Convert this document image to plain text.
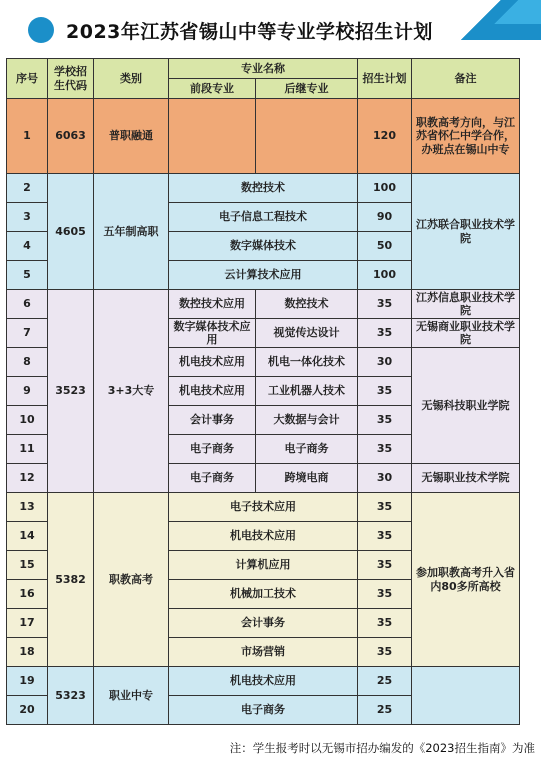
2023年江苏省锡山中等专业学校招生计划
序号	学校招生代码	类别	专业名称		招生计划	备注
			前段专业	后继专业		
1	6063	普职融通			120	职教高考方向，与江苏省怀仁中学合作，办班点在锡山中专
2	4605	五年制高职	数控技术		100	江苏联合职业技术学院
3			电子信息工程技术		90	
4			数字媒体技术		50	
5			云计算技术应用		100	
6	3523	3+3大专	数控技术应用	数控技术	35	江苏信息职业技术学院
7			数字媒体技术应用	视觉传达设计	35	无锡商业职业技术学院
8			机电技术应用	机电一体化技术	30	无锡科技职业学院
9			机电技术应用	工业机器人技术	35	
10			会计事务	大数据与会计	35	
11			电子商务	电子商务	35	
12			电子商务	跨境电商	30	无锡职业技术学院
13	5382	职教高考	电子技术应用		35	参加职教高考升入省内80多所高校
14			机电技术应用		35	
15			计算机应用		35	
16			机械加工技术		35	
17			会计事务		35	
18			市场营销		35	
19	5323	职业中专	机电技术应用		25	
20			电子商务		25	
注：学生报考时以无锡市招办编发的《2023招生指南》为准
